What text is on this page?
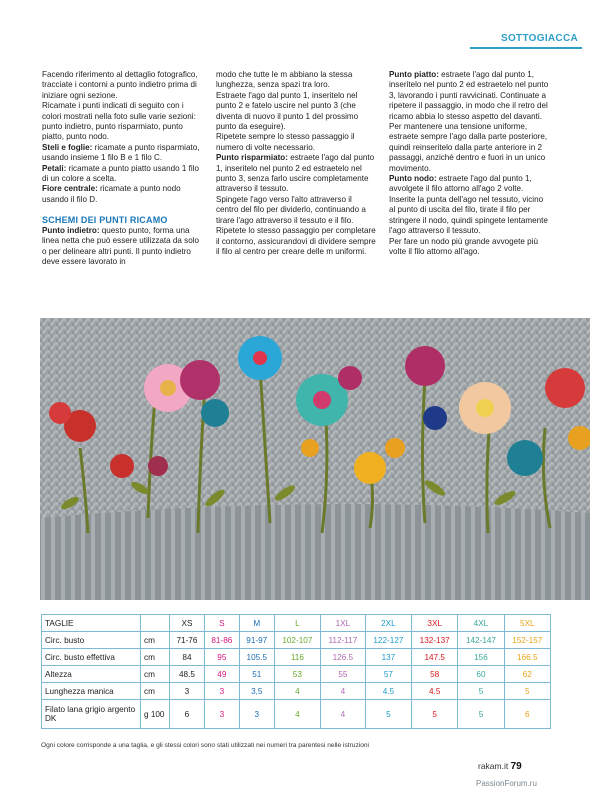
SOTTOGIACCA

Facendo riferimento al dettaglio fotografico, tracciate i contorni a punto indietro prima di iniziare ogni sezione.

Ricamate i punti indicati di seguito con i colori mostrati nella foto sulle varie sezioni: punto indietro, punto risparmiato, punto piatto, punto nodo.

Steli e foglie: ricamate a punto risparmiato, usando insieme 1 filo B e 1 filo C.

Petali: ricamate a punto piatto usando 1 filo di un colore a scelta.

Fiore centrale: ricamate a punto nodo usando il filo D.

SCHEMI DEI PUNTI RICAMO

Punto indietro: questo punto, forma una linea netta che può essere utilizzata da solo o per delineare altri punti. Il punto indietro deve essere lavorato in

modo che tutte le m abbiano la stessa lunghezza, senza spazi tra loro.

Estraete l'ago dal punto 1, inseritelo nel punto 2 e fatelo uscire nel punto 3 (che diventa di nuovo il punto 1 del prossimo punto da eseguire).

Ripetete sempre lo stesso passaggio il numero di volte necessario.

Punto risparmiato: estraete l'ago dal punto 1, inseritelo nel punto 2 ed estraetelo nel punto 3, senza farlo uscire completamente attraverso il tessuto.

Spingete l'ago verso l'alto attraverso il centro del filo per dividerlo, continuando a tirare l'ago attraverso il tessuto e il filo. Ripetete lo stesso passaggio per completare il contorno, assicurandovi di dividere sempre il filo al centro per creare delle m uniformi.

Punto piatto: estraete l'ago dal punto 1, inseritelo nel punto 2 ed estraetelo nel punto 3, lavorando i punti ravvicinati. Continuate a ripetere il passaggio, in modo che il retro del ricamo abbia lo stesso aspetto del davanti.

Per mantenere una tensione uniforme, estraete sempre l'ago dalla parte posteriore, quindi reinseritelo dalla parte anteriore in 2 passaggi, anziché dentro e fuori in un unico movimento.

Punto nodo: estraete l'ago dal punto 1, avvolgete il filo attorno all'ago 2 volte. Inserite la punta dell'ago nel tessuto, vicino al punto di uscita del filo, tirate il filo per stringere il nodo, quindi spingete lentamente l'ago attraverso il tessuto.

Per fare un nodo più grande avvogete più volte il filo attorno all'ago.

TAGLIE		XS	S	M	L	1XL	2XL	3XL	4XL	5XL
Circ. busto	cm	71-76	81-86	91-97	102-107	112-117	122-127	132-137	142-147	152-157
Circ. busto effettiva	cm	84	95	105.5	116	126.5	137	147.5	156	166.5
Altezza	cm	48.5	49	51	53	55	57	58	60	62
Lunghezza manica	cm	3	3	3,5	4	4	4.5	4.5	5	5
Filato lana grigio argento DK	g 100	6	3	3	4	4	5	5	5	6
Ogni colore corrisponde a una taglia, e gli stessi colori sono stati utilizzati nei numeri tra parentesi nelle istruzioni
rakam.it 79
PassionForum.ru
